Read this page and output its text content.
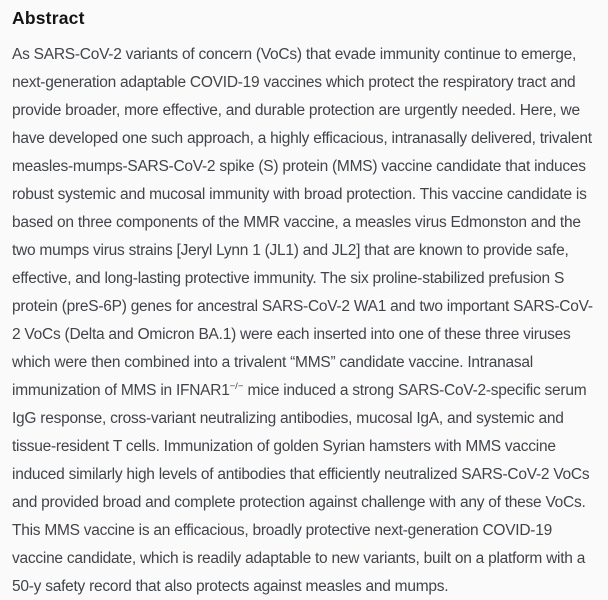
Abstract

As SARS-CoV-2 variants of concern (VoCs) that evade immunity continue to emerge, next-generation adaptable COVID-19 vaccines which protect the respiratory tract and provide broader, more effective, and durable protection are urgently needed. Here, we have developed one such approach, a highly efficacious, intranasally delivered, trivalent measles-mumps-SARS-CoV-2 spike (S) protein (MMS) vaccine candidate that induces robust systemic and mucosal immunity with broad protection. This vaccine candidate is based on three components of the MMR vaccine, a measles virus Edmonston and the two mumps virus strains [Jeryl Lynn 1 (JL1) and JL2] that are known to provide safe, effective, and long-lasting protective immunity. The six proline-stabilized prefusion S protein (preS-6P) genes for ancestral SARS-CoV-2 WA1 and two important SARS-CoV-2 VoCs (Delta and Omicron BA.1) were each inserted into one of these three viruses which were then combined into a trivalent “MMS” candidate vaccine. Intranasal immunization of MMS in IFNAR1−/− mice induced a strong SARS-CoV-2-specific serum IgG response, cross-variant neutralizing antibodies, mucosal IgA, and systemic and tissue-resident T cells. Immunization of golden Syrian hamsters with MMS vaccine induced similarly high levels of antibodies that efficiently neutralized SARS-CoV-2 VoCs and provided broad and complete protection against challenge with any of these VoCs. This MMS vaccine is an efficacious, broadly protective next-generation COVID-19 vaccine candidate, which is readily adaptable to new variants, built on a platform with a 50-y safety record that also protects against measles and mumps.
